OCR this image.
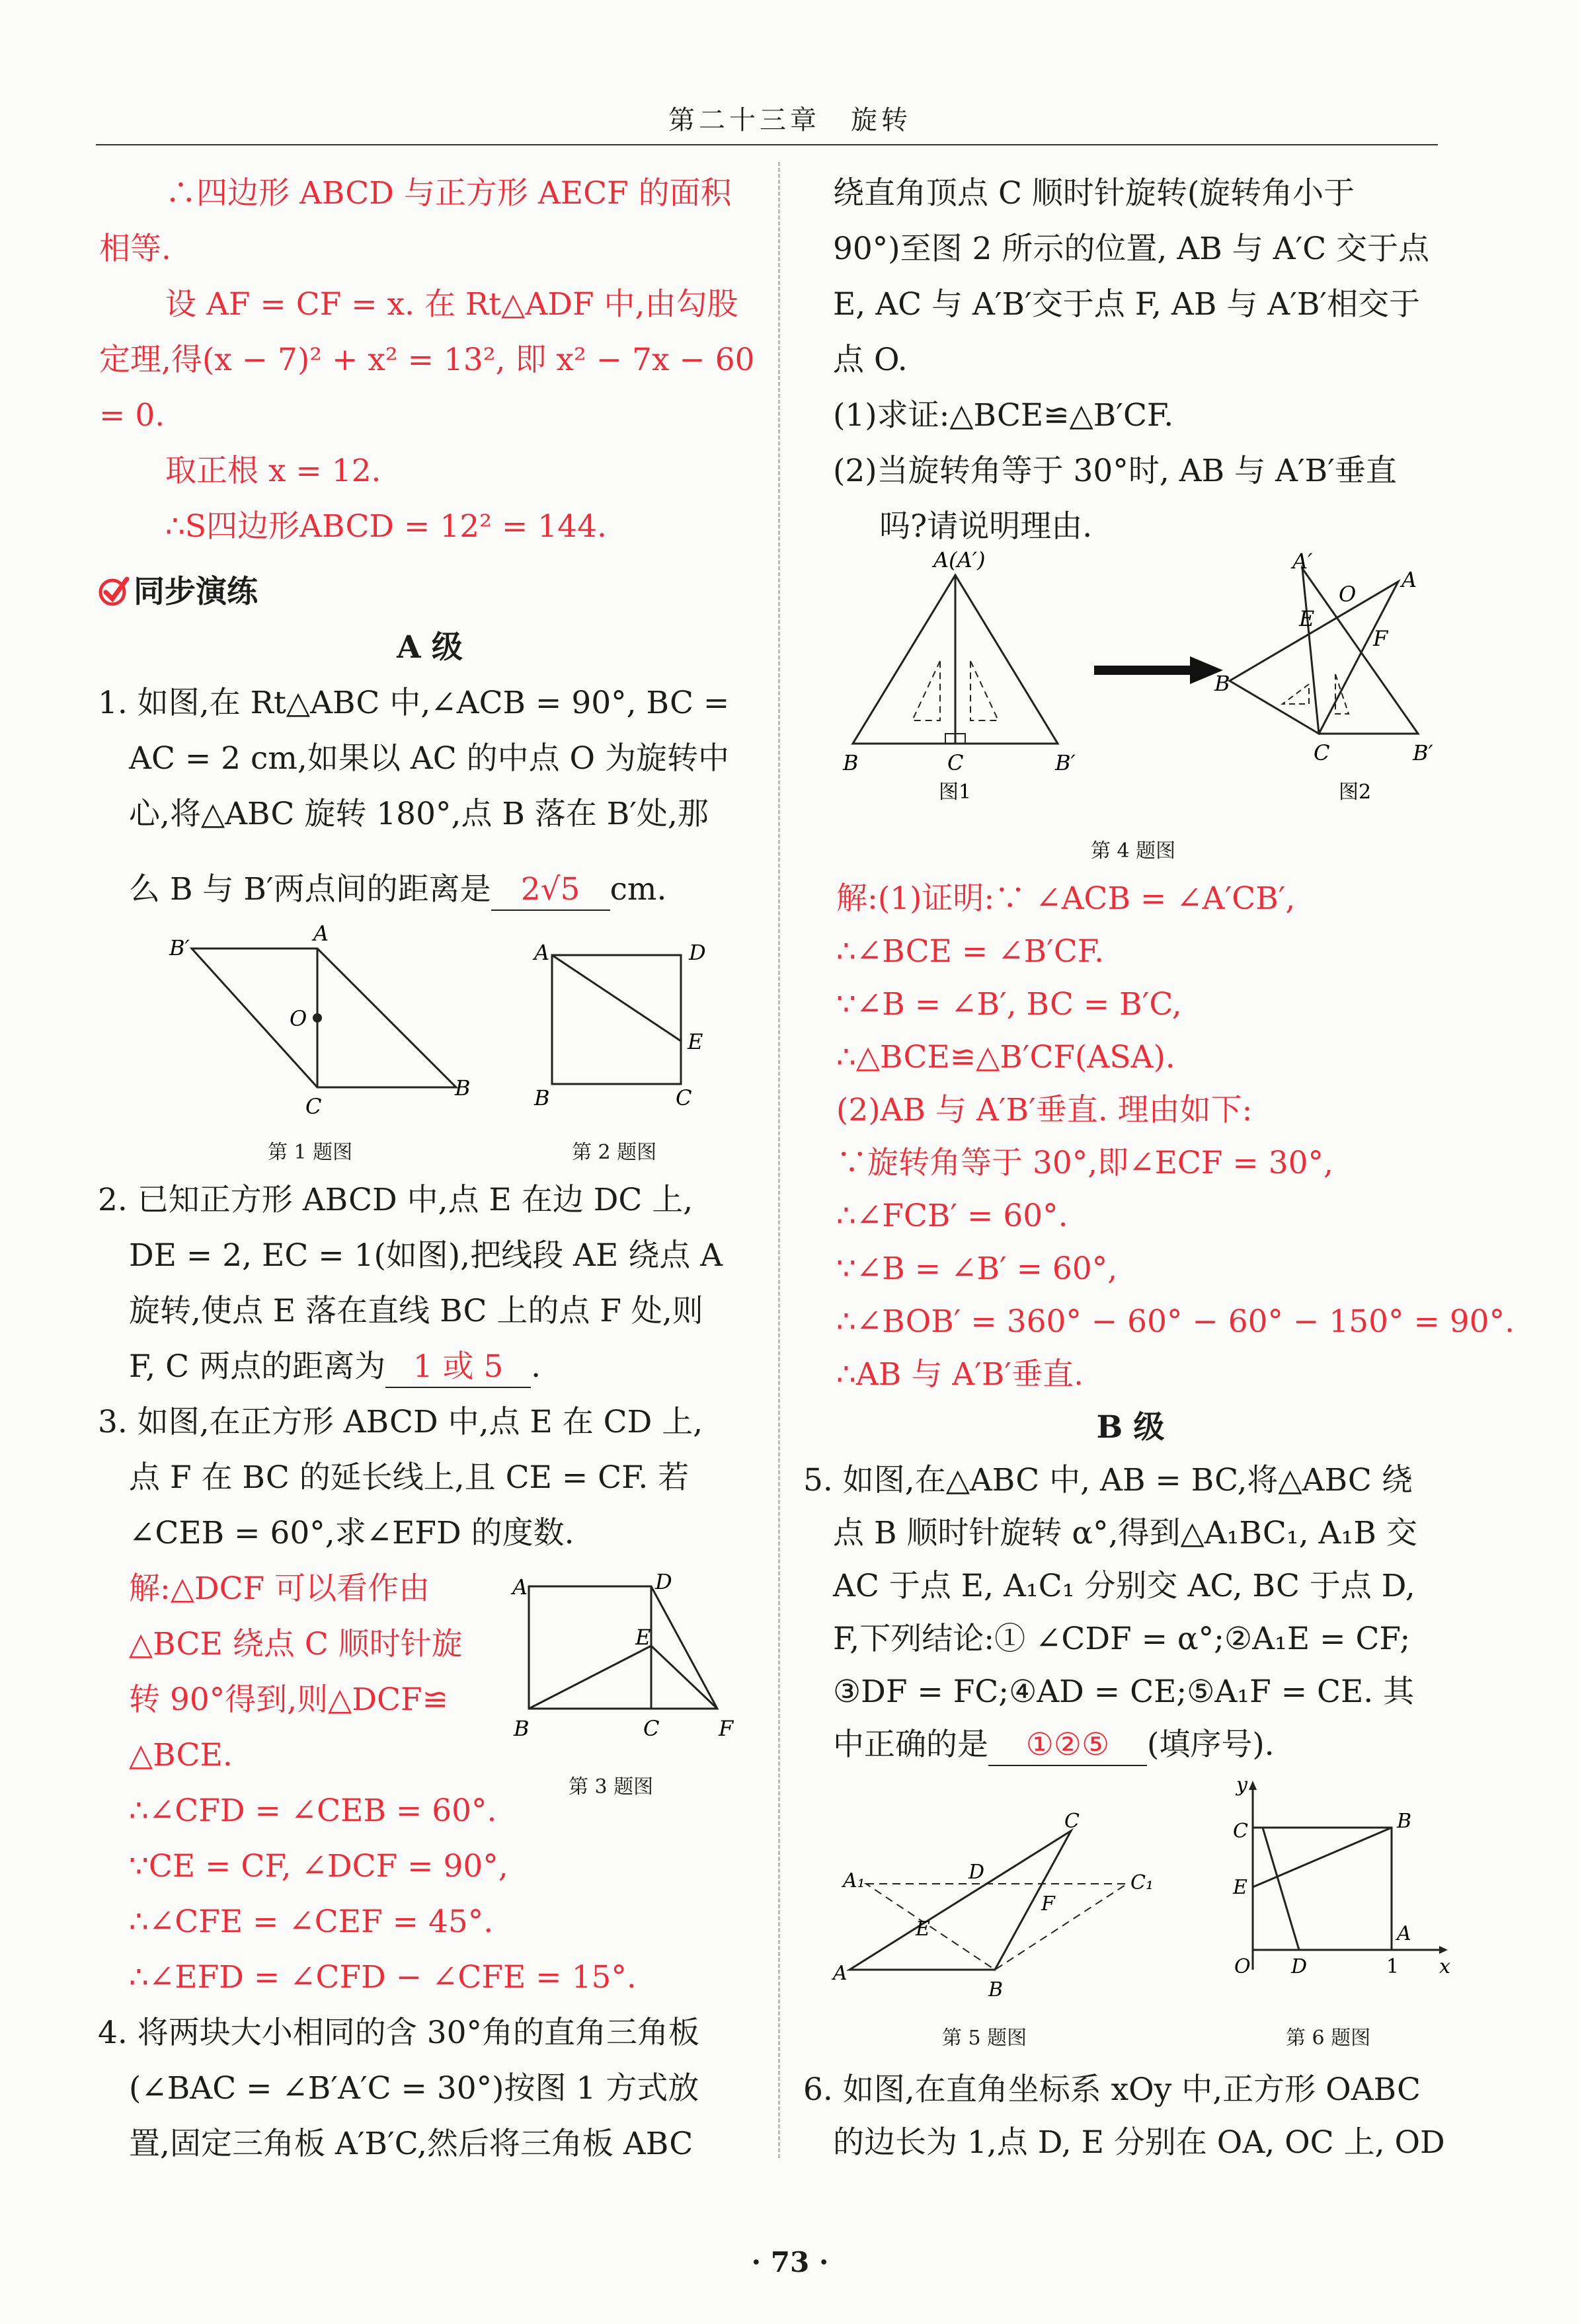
第二十三章　旋转
∴四边形 ABCD 与正方形 AECF 的面积
相等.
设 AF = CF = x. 在 Rt△ADF 中,由勾股
定理,得(x − 7)² + x² = 13², 即 x² − 7x − 60
= 0.
取正根 x = 12.
∴S四边形ABCD = 12² = 144.
同步演练
A 级
1. 如图,在 Rt△ABC 中,∠ACB = 90°, BC =
AC = 2 cm,如果以 AC 的中点 O 为旋转中
心,将△ABC 旋转 180°,点 B 落在 B′处,那
么 B 与 B′两点间的距离是 2√5 cm.
B′
A
O
C
B
第 1 题图
A	D
E
B	C
第 2 题图
2. 已知正方形 ABCD 中,点 E 在边 DC 上,
DE = 2, EC = 1(如图),把线段 AE 绕点 A
旋转,使点 E 落在直线 BC 上的点 F 处,则
F, C 两点的距离为 1 或 5 .
3. 如图,在正方形 ABCD 中,点 E 在 CD 上,
点 F 在 BC 的延长线上,且 CE = CF. 若
∠CEB = 60°,求∠EFD 的度数.
解:△DCF 可以看作由
△BCE 绕点 C 顺时针旋
转 90°得到,则△DCF≌
△BCE.
∴∠CFD = ∠CEB = 60°.
∵CE = CF, ∠DCF = 90°,
∴∠CFE = ∠CEF = 45°.
∴∠EFD = ∠CFD − ∠CFE = 15°.
A	D
E
B	C	F
第 3 题图
4. 将两块大小相同的含 30°角的直角三角板
(∠BAC = ∠B′A′C = 30°)按图 1 方式放
置,固定三角板 A′B′C,然后将三角板 ABC
绕直角顶点 C 顺时针旋转(旋转角小于
90°)至图 2 所示的位置, AB 与 A′C 交于点
E, AC 与 A′B′交于点 F, AB 与 A′B′相交于
点 O.
(1)求证:△BCE≌△B′CF.
(2)当旋转角等于 30°时, AB 与 A′B′垂直
吗?请说明理由.
A(A′)
B	C	B′
图1
A′
O
A
E
F
B
C	B′
图2
第 4 题图
解:(1)证明:∵ ∠ACB = ∠A′CB′,
∴∠BCE = ∠B′CF.
∵∠B = ∠B′, BC = B′C,
∴△BCE≌△B′CF(ASA).
(2)AB 与 A′B′垂直. 理由如下:
∵旋转角等于 30°,即∠ECF = 30°,
∴∠FCB′ = 60°.
∵∠B = ∠B′ = 60°,
∴∠BOB′ = 360° − 60° − 60° − 150° = 90°.
∴AB 与 A′B′垂直.
B 级
5. 如图,在△ABC 中, AB = BC,将△ABC 绕
点 B 顺时针旋转 α°,得到△A₁BC₁, A₁B 交
AC 于点 E, A₁C₁ 分别交 AC, BC 于点 D,
F,下列结论:① ∠CDF = α°;②A₁E = CF;
③DF = FC;④AD = CE;⑤A₁F = CE. 其
中正确的是 ①②⑤ (填序号).
C
A₁	D	C₁
F
E
A
B
第 5 题图
y
C	B
E
A
O D	1 x
第 6 题图
6. 如图,在直角坐标系 xOy 中,正方形 OABC
的边长为 1,点 D, E 分别在 OA, OC 上, OD
· 73 ·
